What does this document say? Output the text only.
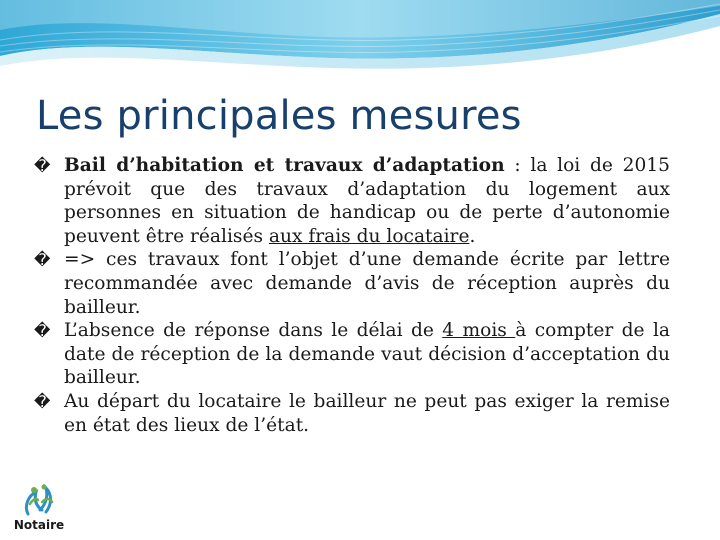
Les principales mesures

� Bail d’habitation et travaux d’adaptation : la loi de 2015 prévoit que des travaux d’adaptation du logement aux personnes en situation de handicap ou de perte d’autonomie peuvent être réalisés aux frais du locataire.

� => ces travaux font l’objet d’une demande écrite par lettre recommandée avec demande d’avis de réception auprès du bailleur.

� L’absence de réponse dans le délai de 4 mois à compter de la date de réception de la demande vaut décision d’acceptation du bailleur.

� Au départ du locataire le bailleur ne peut pas exiger la remise en état des lieux de l’état.

Notaire
